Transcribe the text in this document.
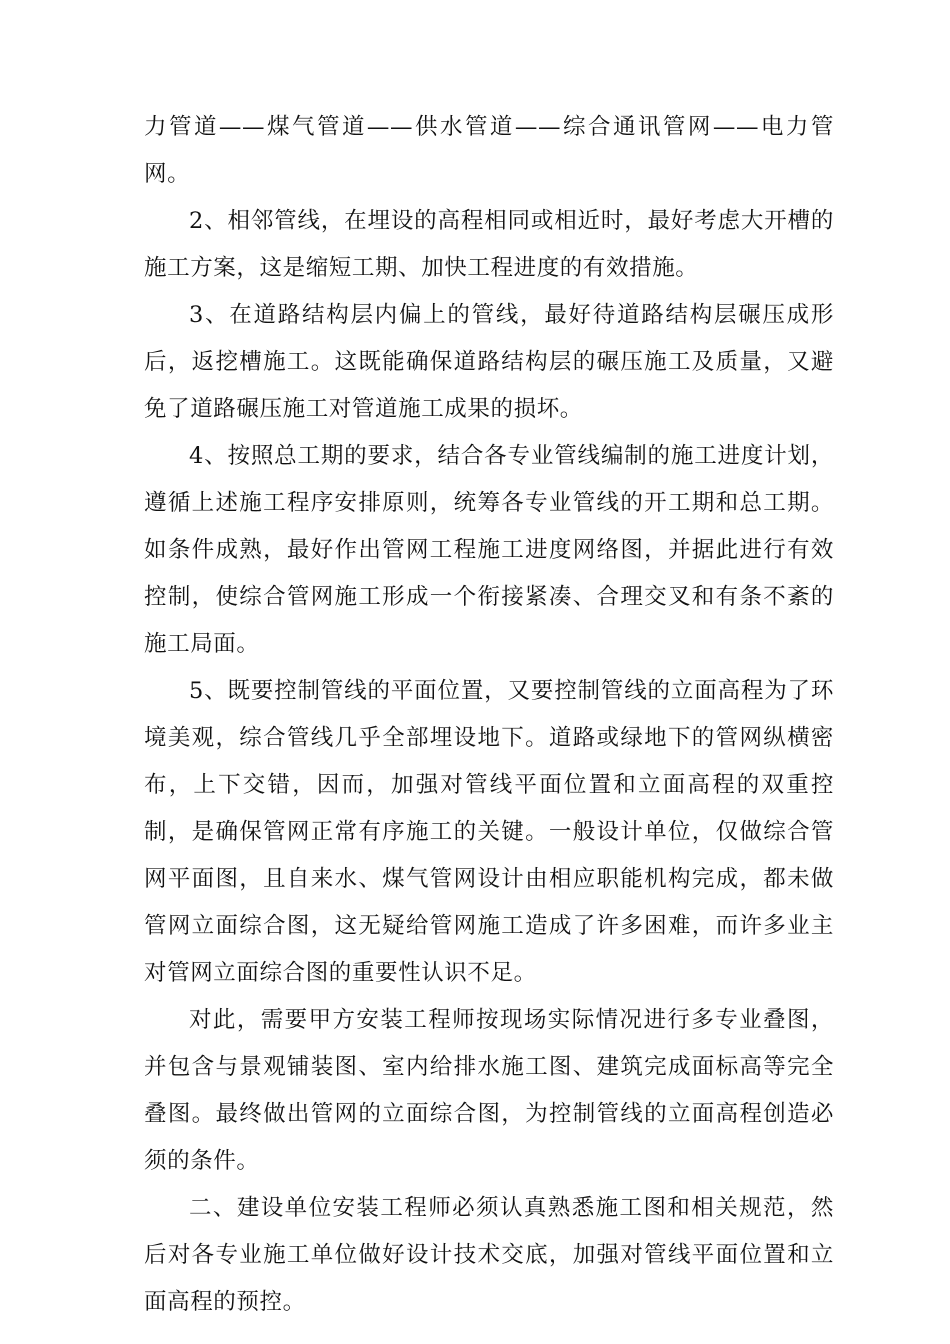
力管道——煤气管道——供水管道——综合通讯管网——电力管网。

2、相邻管线，在埋设的高程相同或相近时，最好考虑大开槽的施工方案，这是缩短工期、加快工程进度的有效措施。

3、在道路结构层内偏上的管线，最好待道路结构层碾压成形后，返挖槽施工。这既能确保道路结构层的碾压施工及质量，又避免了道路碾压施工对管道施工成果的损坏。

4、按照总工期的要求，结合各专业管线编制的施工进度计划，遵循上述施工程序安排原则，统筹各专业管线的开工期和总工期。如条件成熟，最好作出管网工程施工进度网络图，并据此进行有效控制，使综合管网施工形成一个衔接紧凑、合理交叉和有条不紊的施工局面。

5、既要控制管线的平面位置，又要控制管线的立面高程为了环境美观，综合管线几乎全部埋设地下。道路或绿地下的管网纵横密布，上下交错，因而，加强对管线平面位置和立面高程的双重控制，是确保管网正常有序施工的关键。一般设计单位，仅做综合管网平面图，且自来水、煤气管网设计由相应职能机构完成，都未做管网立面综合图，这无疑给管网施工造成了许多困难，而许多业主对管网立面综合图的重要性认识不足。

对此，需要甲方安装工程师按现场实际情况进行多专业叠图，并包含与景观铺装图、室内给排水施工图、建筑完成面标高等完全叠图。最终做出管网的立面综合图，为控制管线的立面高程创造必须的条件。

二、建设单位安装工程师必须认真熟悉施工图和相关规范，然后对各专业施工单位做好设计技术交底，加强对管线平面位置和立面高程的预控。
